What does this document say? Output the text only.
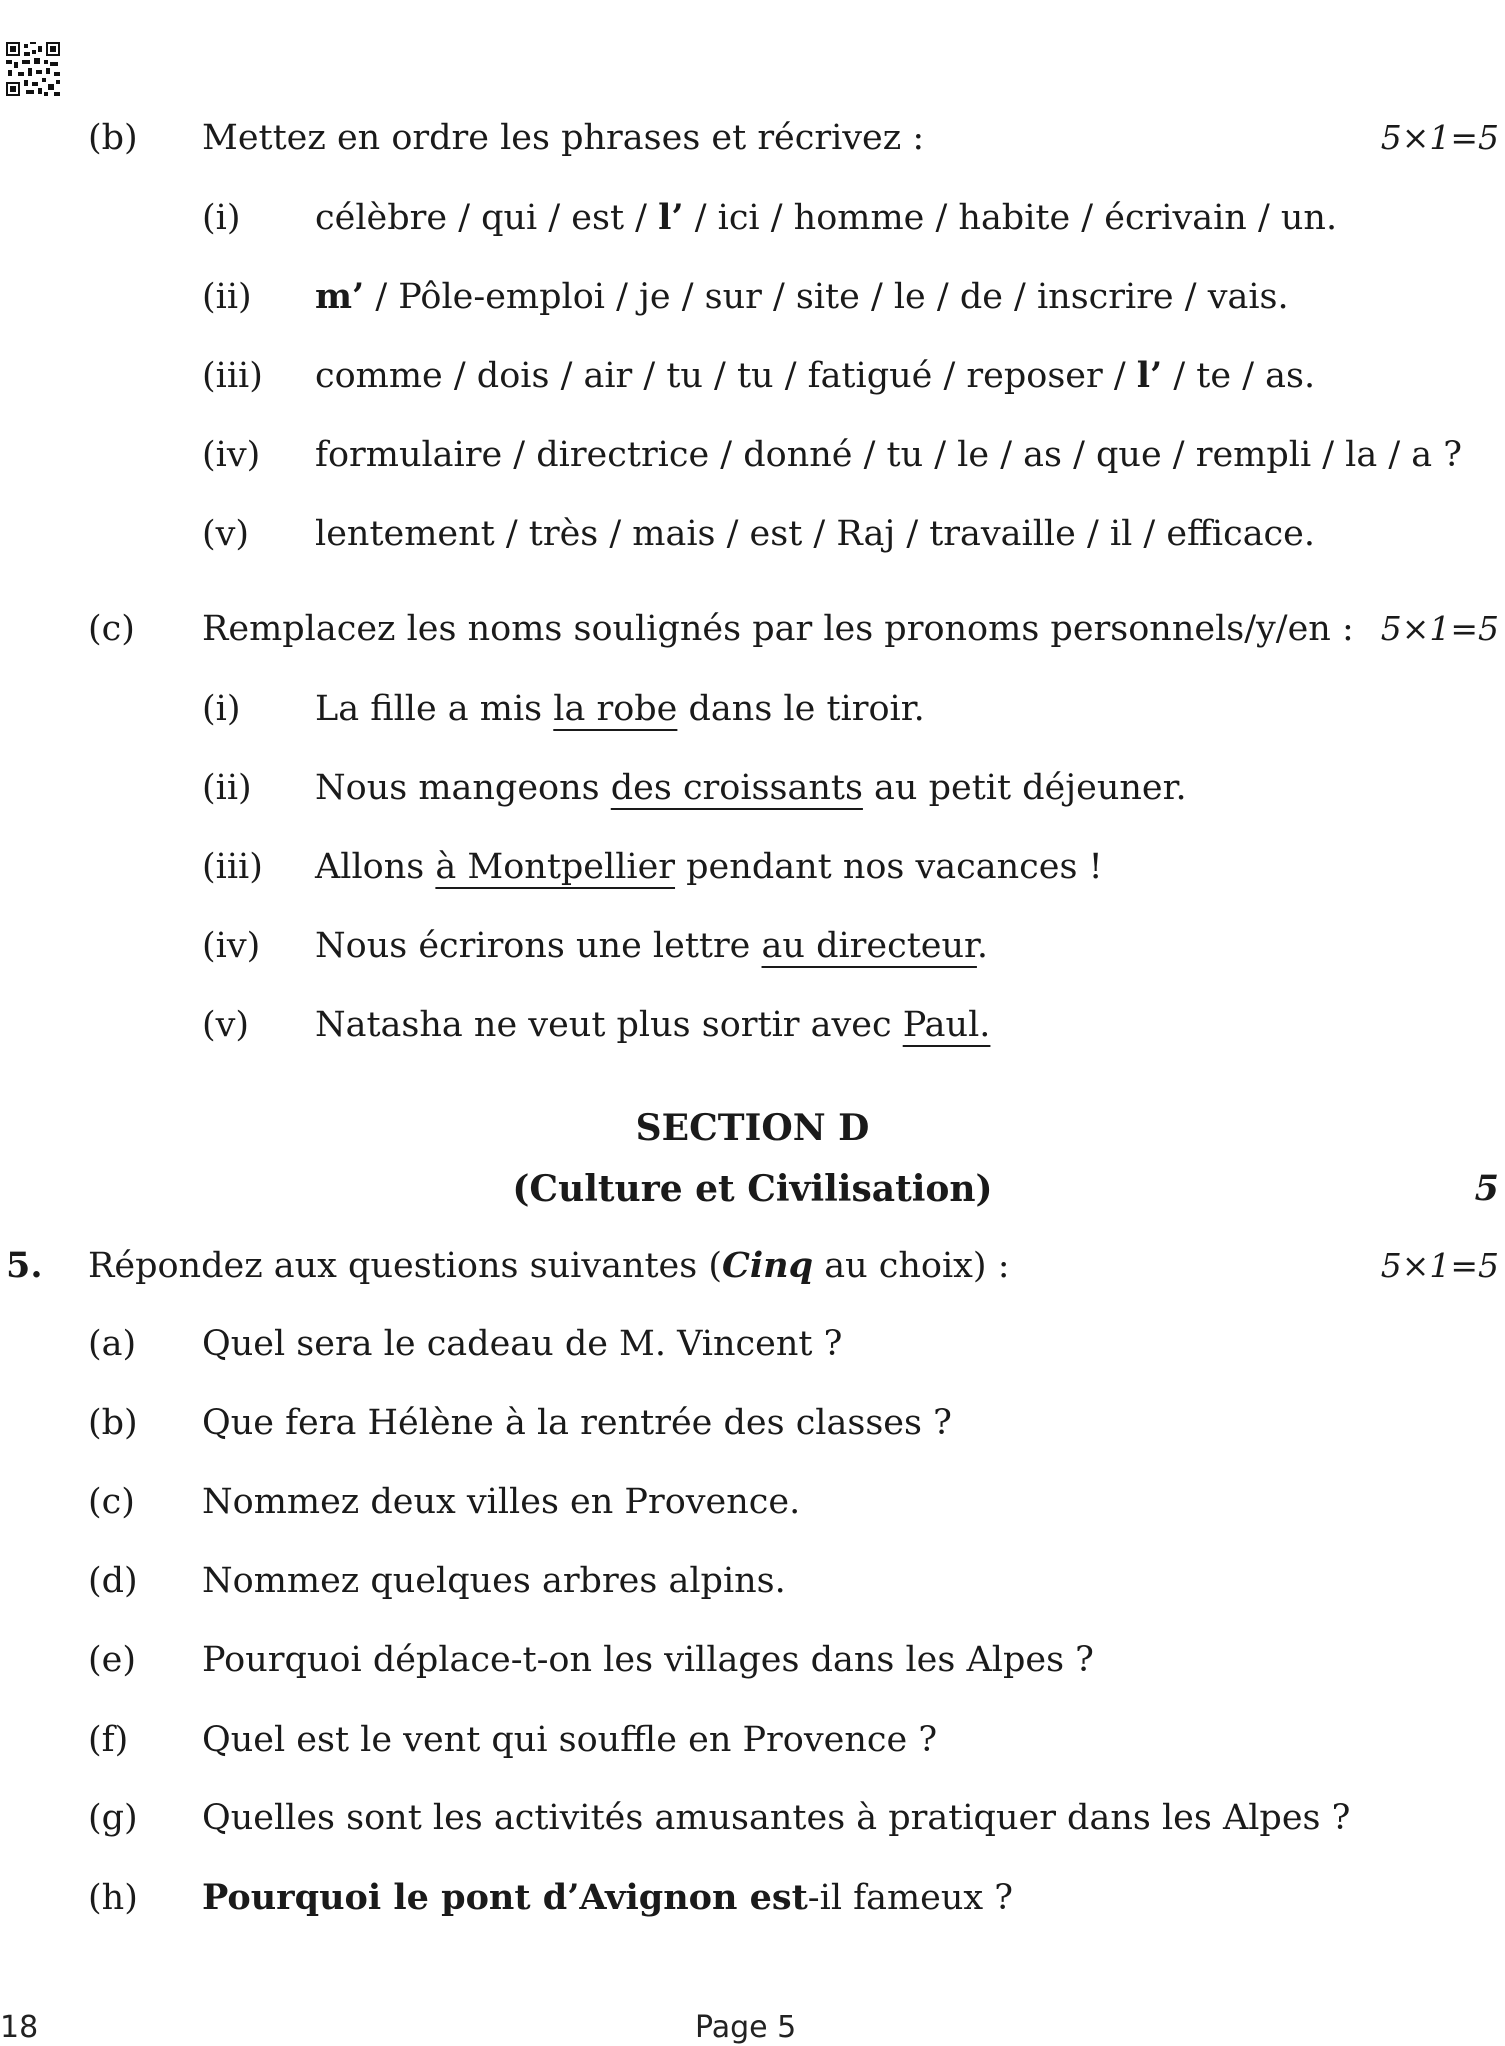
(b) Mettez en ordre les phrases et récrivez :	5×1=5
(i) célèbre / qui / est / l’ / ici / homme / habite / écrivain / un.
(ii) m’ / Pôle-emploi / je / sur / site / le / de / inscrire / vais.
(iii) comme / dois / air / tu / tu / fatigué / reposer / l’ / te / as.
(iv) formulaire / directrice / donné / tu / le / as / que / rempli / la / a ?
(v) lentement / très / mais / est / Raj / travaille / il / efficace.
(c) Remplacez les noms soulignés par les pronoms personnels/y/en : 5×1=5
(i) La fille a mis la robe dans le tiroir.
(ii) Nous mangeons des croissants au petit déjeuner.
(iii) Allons à Montpellier pendant nos vacances !
(iv) Nous écrirons une lettre au directeur.
(v) Natasha ne veut plus sortir avec Paul.
SECTION D
(Culture et Civilisation)	5
5. Répondez aux questions suivantes (Cinq au choix) :	5×1=5
(a) Quel sera le cadeau de M. Vincent ?
(b) Que fera Hélène à la rentrée des classes ?
(c) Nommez deux villes en Provence.
(d) Nommez quelques arbres alpins.
(e) Pourquoi déplace-t-on les villages dans les Alpes ?
(f) Quel est le vent qui souffle en Provence ?
(g) Quelles sont les activités amusantes à pratiquer dans les Alpes ?
(h) Pourquoi le pont d’Avignon est-il fameux ?
18	Page 5
